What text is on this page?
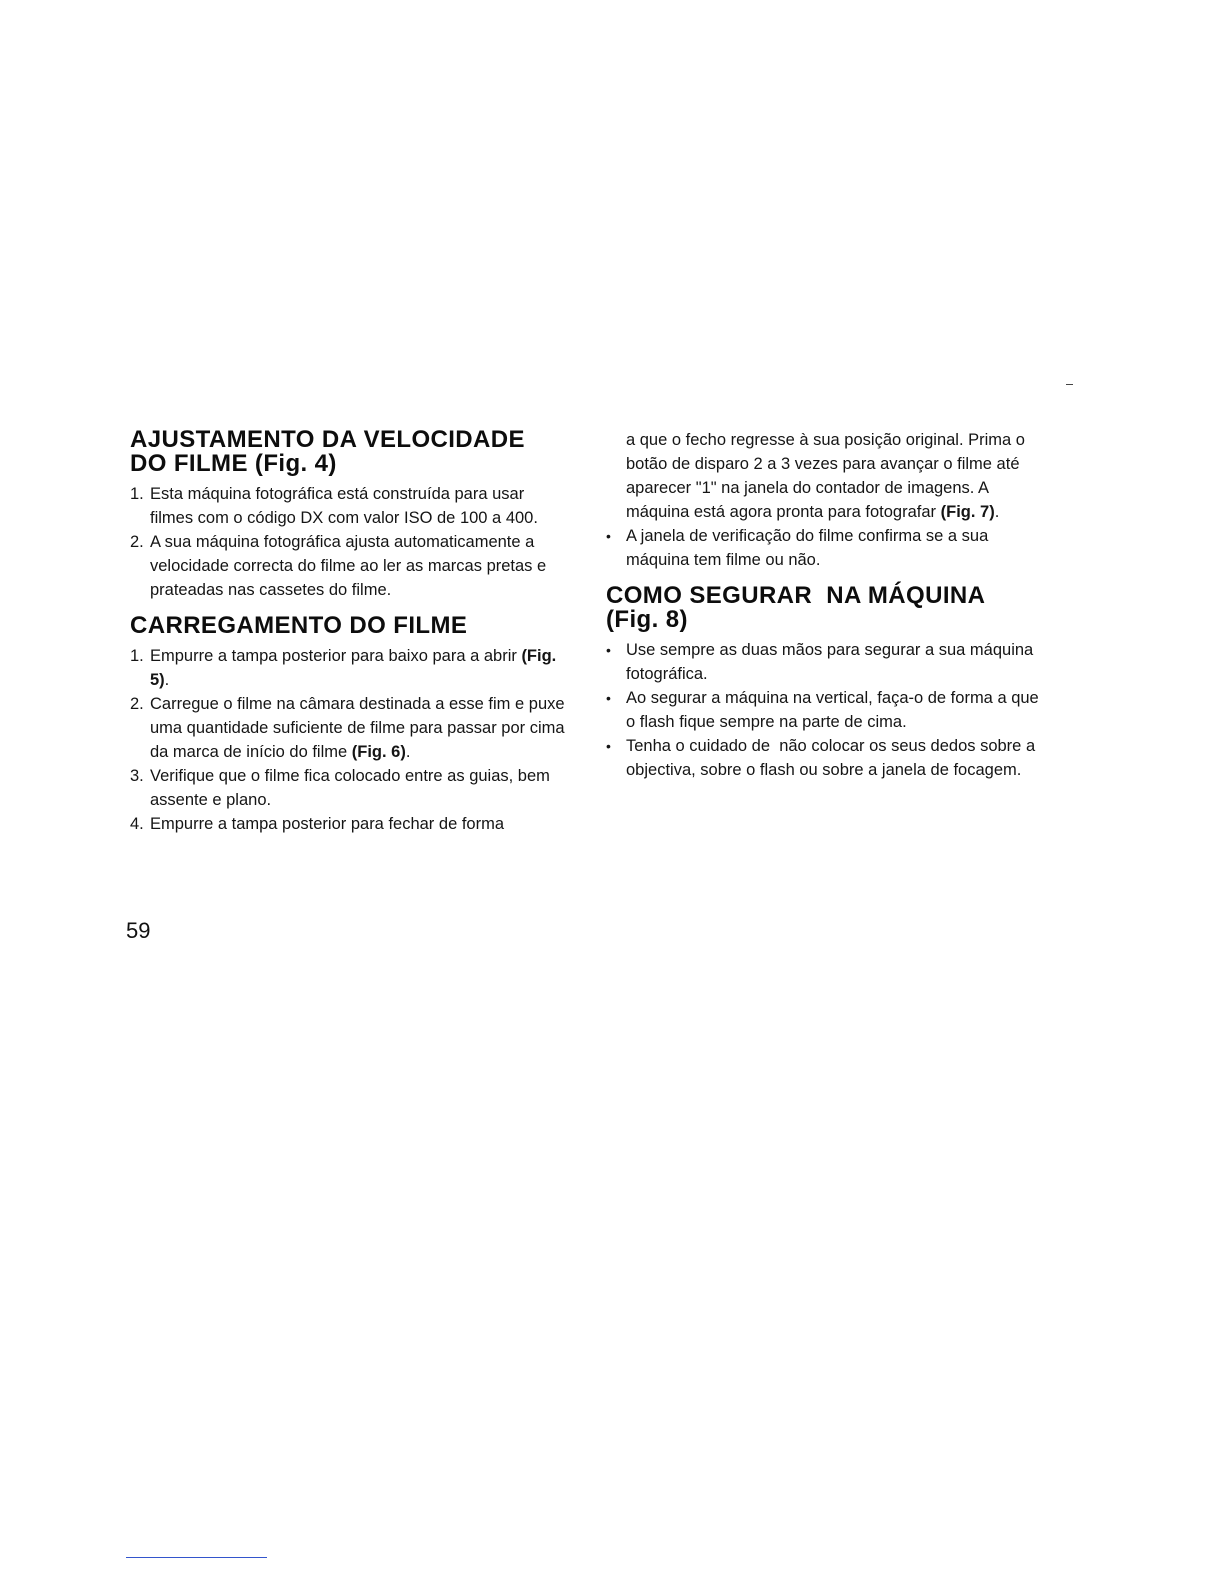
AJUSTAMENTO DA VELOCIDADE
DO FILME (Fig. 4)
1. Esta máquina fotográfica está construída para usar filmes com o código DX com valor ISO de 100 a 400.
2. A sua máquina fotográfica ajusta automaticamente a velocidade correcta do filme ao ler as marcas pretas e prateadas nas cassetes do filme.
CARREGAMENTO DO FILME
1. Empurre a tampa posterior para baixo para a abrir (Fig. 5).
2. Carregue o filme na câmara destinada a esse fim e puxe uma quantidade suficiente de filme para passar por cima da marca de início do filme (Fig. 6).
3. Verifique que o filme fica colocado entre as guias, bem assente e plano.
4. Empurre a tampa posterior para fechar de forma
a que o fecho regresse à sua posição original. Prima o botão de disparo 2 a 3 vezes para avançar o filme até aparecer "1" na janela do contador de imagens. A máquina está agora pronta para fotografar (Fig. 7).
• A janela de verificação do filme confirma se a sua máquina tem filme ou não.
COMO SEGURAR  NA MÁQUINA
(Fig. 8)
• Use sempre as duas mãos para segurar a sua máquina fotográfica.
• Ao segurar a máquina na vertical, faça-o de forma a que o flash fique sempre na parte de cima.
• Tenha o cuidado de  não colocar os seus dedos sobre a objectiva, sobre o flash ou sobre a janela de focagem.
59
